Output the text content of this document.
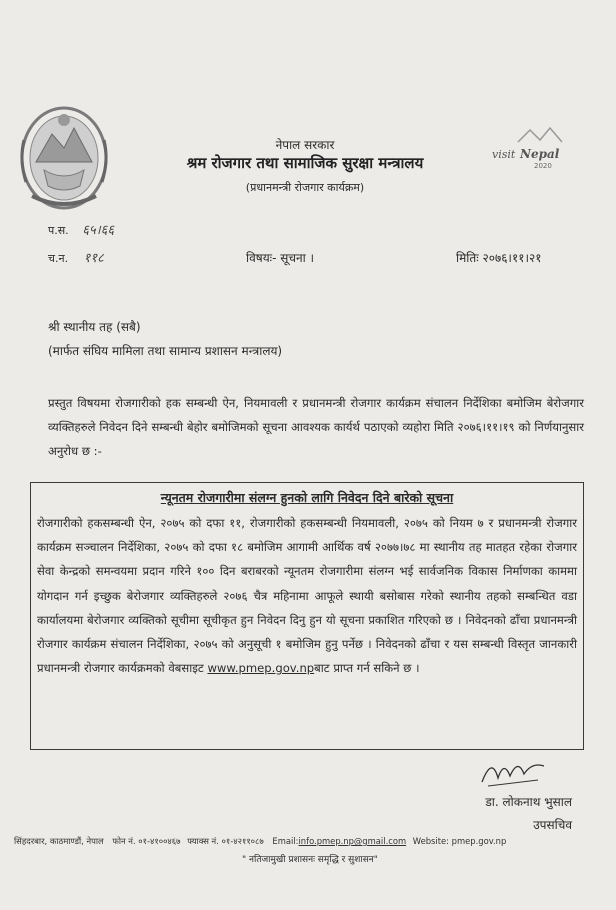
visit Nepal
2020
नेपाल सरकार
श्रम रोजगार तथा सामाजिक सुरक्षा मन्त्रालय
(प्रधानमन्त्री रोजगार कार्यक्रम)
प.स. ६५।६६
च.न. ११८	विषयः- सूचना ।	मितिः २०७६।११।२१
श्री स्थानीय तह (सबै)
(मार्फत संघिय मामिला तथा सामान्य प्रशासन मन्त्रालय)
प्रस्तुत विषयमा रोजगारीको हक सम्बन्धी ऐन, नियमावली र प्रधानमन्त्री रोजगार कार्यक्रम संचालन निर्देशिका बमोजिम बेरोजगार व्यक्तिहरुले निवेदन दिने सम्बन्धी बेहाेर बमोजिमको सूचना आवश्यक कार्यर्थ पठाएको व्यहोरा मिति २०७६।११।१९ को निर्णयानुसार अनुरोध छ :-
न्यूनतम रोजगारीमा संलग्न हुनको लागि निवेदन दिने बारेको सूचना
रोजगारीको हकसम्बन्धी ऐन, २०७५ को दफा ११, रोजगारीको हकसम्बन्धी नियमावली, २०७५ को नियम ७ र प्रधानमन्त्री रोजगार कार्यक्रम सञ्चालन निर्देशिका, २०७५ को दफा १८ बमोजिम आगामी आर्थिक वर्ष २०७७।७८ मा स्थानीय तह मातहत रहेका रोजगार सेवा केन्द्रको समन्वयमा प्रदान गरिने १०० दिन बराबरको न्यूनतम रोजगारीमा संलग्न भई सार्वजनिक विकास निर्माणका काममा योगदान गर्न इच्छुक बेरोजगार व्यक्तिहरुले २०७६ चैत्र महिनामा आफूले स्थायी बसोबास गरेको स्थानीय तहको सम्बन्धित वडा कार्यालयमा बेरोजगार व्यक्तिको सूचीमा सूचीकृत हुन निवेदन दिनु हुन यो सूचना प्रकाशित गरिएको छ । निवेदनको ढाँचा प्रधानमन्त्री रोजगार कार्यक्रम संचालन निर्देशिका, २०७५ को अनुसूची १ बमोजिम हुनु पर्नेछ । निवेदनको ढाँचा र यस सम्बन्धी विस्तृत जानकारी प्रधानमन्त्री रोजगार कार्यक्रमको वेबसाइट www.pmep.gov.npबाट प्राप्त गर्न सकिने छ ।
डा. लोकनाथ भुसाल
उपसचिव
सिंहदरबार, काठमाण्डौं, नेपाल फोन नं. ०१-४१००४६७ फ्याक्स नं. ०१-४२११०८७ Email:info.pmep.np@gmail.com Website: pmep.gov.np
" नतिजामुखी प्रशासनः समृद्धि र सुशासन"
